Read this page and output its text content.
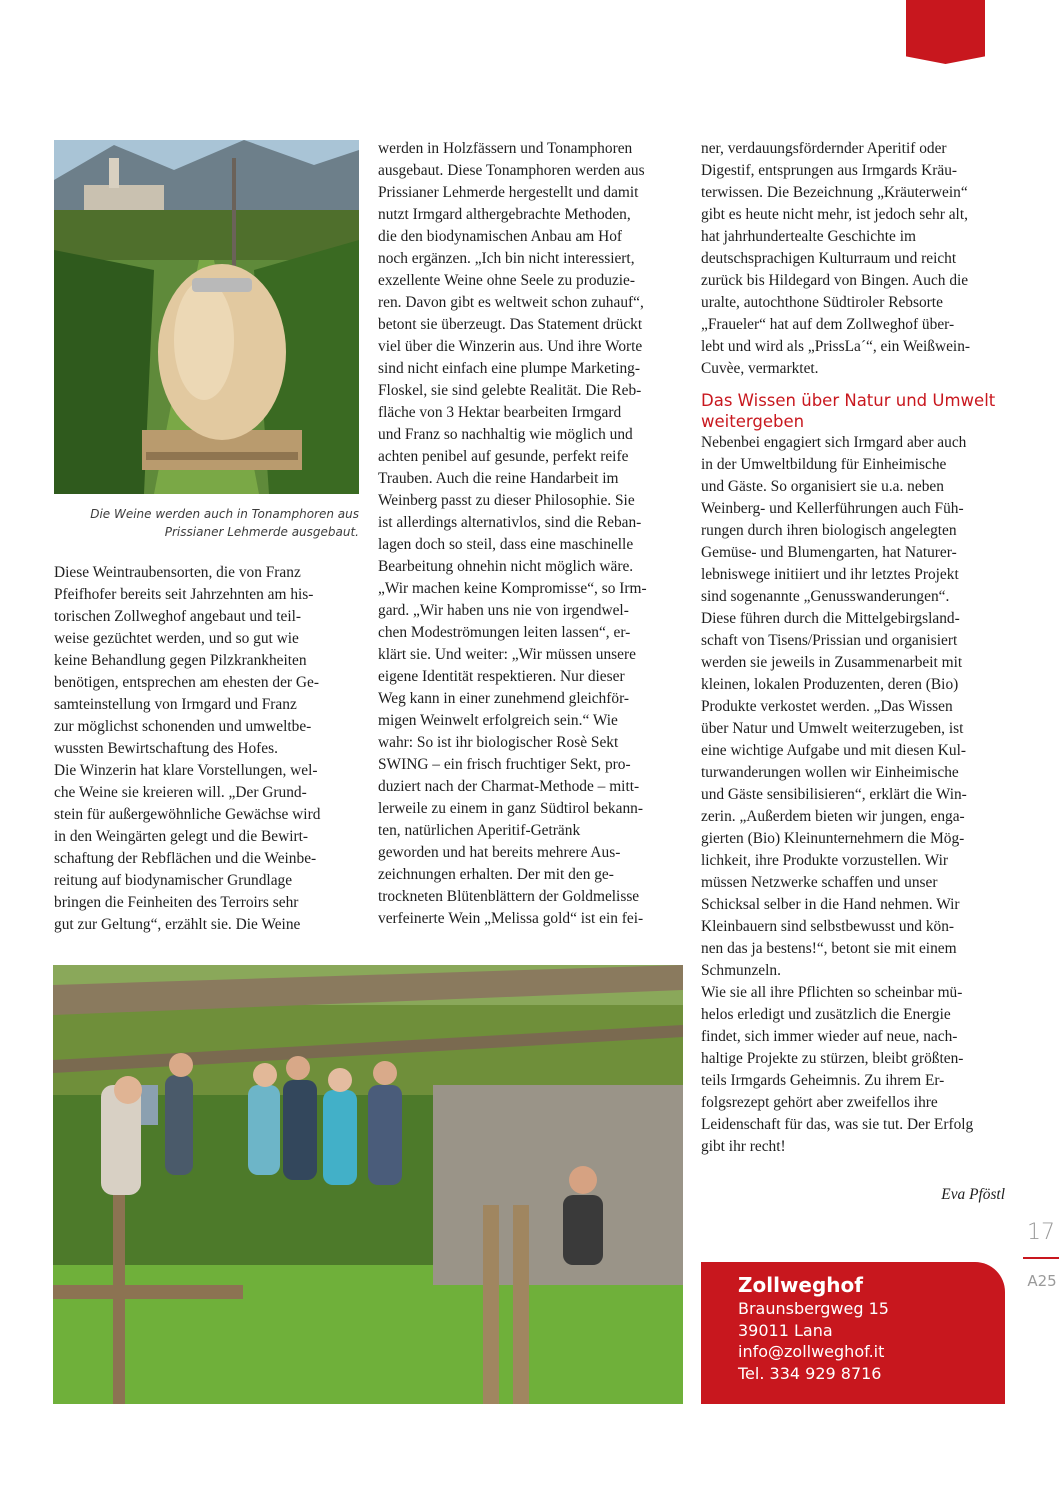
Die Weine werden auch in Tonamphoren aus
Prissianer Lehmerde ausgebaut.

Diese Weintraubensorten, die von Franz

Pfeifhofer bereits seit Jahrzehnten am his-

torischen Zollweghof angebaut und teil-

weise gezüchtet werden, und so gut wie

keine Behandlung gegen Pilzkrankheiten

benötigen, entsprechen am ehesten der Ge-

samteinstellung von Irmgard und Franz

zur möglichst schonenden und umweltbe-

wussten Bewirtschaftung des Hofes.

Die Winzerin hat klare Vorstellungen, wel-

che Weine sie kreieren will. „Der Grund-

stein für außergewöhnliche Gewächse wird

in den Weingärten gelegt und die Bewirt-

schaftung der Rebflächen und die Weinbe-

reitung auf biodynamischer Grundlage

bringen die Feinheiten des Terroirs sehr

gut zur Geltung“, erzählt sie. Die Weine

werden in Holzfässern und Tonamphoren

ausgebaut. Diese Tonamphoren werden aus

Prissianer Lehmerde hergestellt und damit

nutzt Irmgard althergebrachte Methoden,

die den biodynamischen Anbau am Hof

noch ergänzen. „Ich bin nicht interessiert,

exzellente Weine ohne Seele zu produzie-

ren. Davon gibt es weltweit schon zuhauf“,

betont sie überzeugt. Das Statement drückt

viel über die Winzerin aus. Und ihre Worte

sind nicht einfach eine plumpe Marketing-

Floskel, sie sind gelebte Realität. Die Reb-

fläche von 3 Hektar bearbeiten Irmgard

und Franz so nachhaltig wie möglich und

achten penibel auf gesunde, perfekt reife

Trauben. Auch die reine Handarbeit im

Weinberg passt zu dieser Philosophie. Sie

ist allerdings alternativlos, sind die Reban-

lagen doch so steil, dass eine maschinelle

Bearbeitung ohnehin nicht möglich wäre.

„Wir machen keine Kompromisse“, so Irm-

gard. „Wir haben uns nie von irgendwel-

chen Modeströmungen leiten lassen“, er-

klärt sie. Und weiter: „Wir müssen unsere

eigene Identität respektieren. Nur dieser

Weg kann in einer zunehmend gleichför-

migen Weinwelt erfolgreich sein.“ Wie

wahr: So ist ihr biologischer Rosè Sekt

SWING – ein frisch fruchtiger Sekt, pro-

duziert nach der Charmat-Methode – mitt-

lerweile zu einem in ganz Südtirol bekann-

ten, natürlichen Aperitif-Getränk

geworden und hat bereits mehrere Aus-

zeichnungen erhalten. Der mit den ge-

trockneten Blütenblättern der Goldmelisse

verfeinerte Wein „Melissa gold“ ist ein fei-

ner, verdauungsfördernder Aperitif oder

Digestif, entsprungen aus Irmgards Kräu-

terwissen. Die Bezeichnung „Kräuterwein“

gibt es heute nicht mehr, ist jedoch sehr alt,

hat jahrhundertealte Geschichte im

deutschsprachigen Kulturraum und reicht

zurück bis Hildegard von Bingen. Auch die

uralte, autochthone Südtiroler Rebsorte

„Fraueler“ hat auf dem Zollweghof über-

lebt und wird als „PrissLa´“, ein Weißwein-

Cuvèe, vermarktet.

Das Wissen über Natur und Umwelt
weitergeben

Nebenbei engagiert sich Irmgard aber auch

in der Umweltbildung für Einheimische

und Gäste. So organisiert sie u.a. neben

Weinberg- und Kellerführungen auch Füh-

rungen durch ihren biologisch angelegten

Gemüse- und Blumengarten, hat Naturer-

lebniswege initiiert und ihr letztes Projekt

sind sogenannte „Genusswanderungen“.

Diese führen durch die Mittelgebirgsland-

schaft von Tisens/Prissian und organisiert

werden sie jeweils in Zusammenarbeit mit

kleinen, lokalen Produzenten, deren (Bio)

Produkte verkostet werden. „Das Wissen

über Natur und Umwelt weiterzugeben, ist

eine wichtige Aufgabe und mit diesen Kul-

turwanderungen wollen wir Einheimische

und Gäste sensibilisieren“, erklärt die Win-

zerin. „Außerdem bieten wir jungen, enga-

gierten (Bio) Kleinunternehmern die Mög-

lichkeit, ihre Produkte vorzustellen. Wir

müssen Netzwerke schaffen und unser

Schicksal selber in die Hand nehmen. Wir

Kleinbauern sind selbstbewusst und kön-

nen das ja bestens!“, betont sie mit einem

Schmunzeln.

Wie sie all ihre Pflichten so scheinbar mü-

helos erledigt und zusätzlich die Energie

findet, sich immer wieder auf neue, nach-

haltige Projekte zu stürzen, bleibt größten-

teils Irmgards Geheimnis. Zu ihrem Er-

folgsrezept gehört aber zweifellos ihre

Leidenschaft für das, was sie tut. Der Erfolg

gibt ihr recht!

Eva Pföstl
17
A25
Zollweghof
Braunsbergweg 15
39011 Lana
info@zollweghof.it
Tel. 334 929 8716
